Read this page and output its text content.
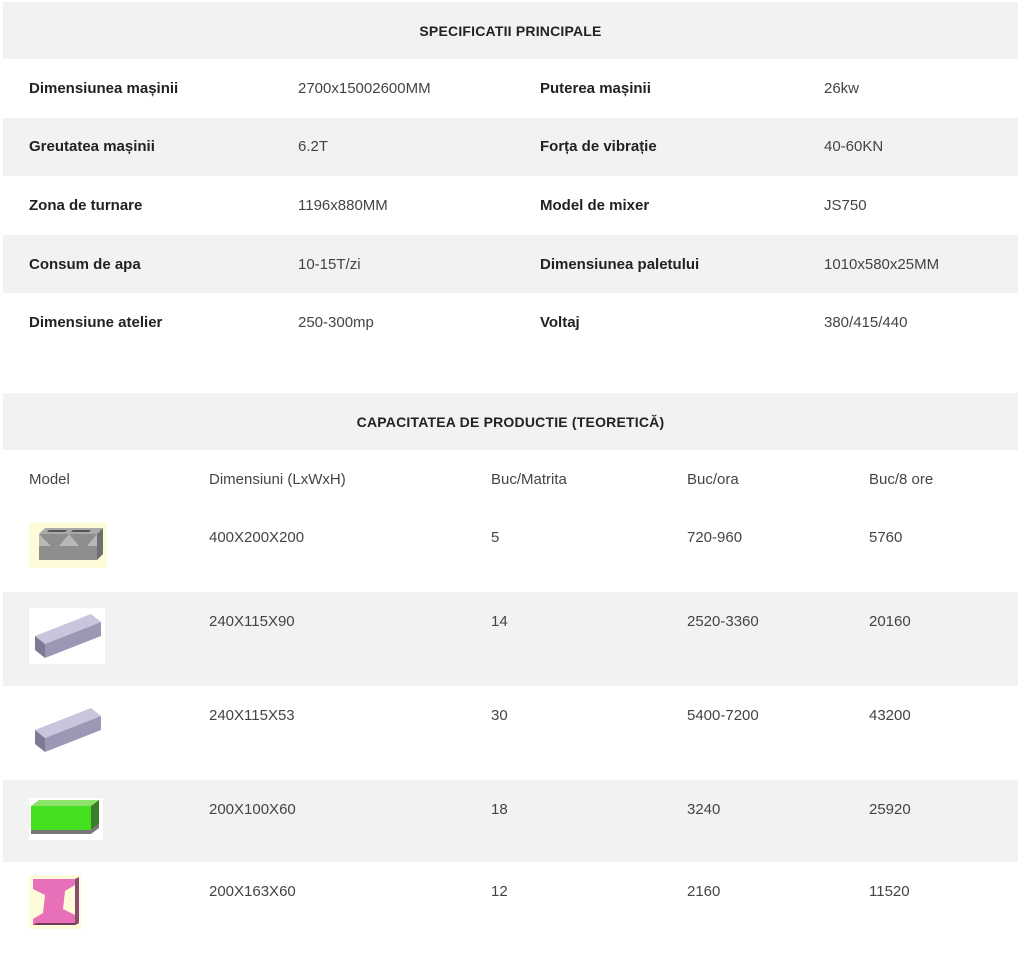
SPECIFICATII PRINCIPALE
Dimensiunea mașinii	2700x15002600MM	Puterea mașinii	26kw
Greutatea mașinii	6.2T	Forța de vibrație	40-60KN
Zona de turnare	1196x880MM	Model de mixer	JS750
Consum de apa	10-15T/zi	Dimensiunea paletului	1010x580x25MM
Dimensiune atelier	250-300mp	Voltaj	380/415/440
CAPACITATEA DE PRODUCTIE (TEORETICĂ)
Model	Dimensiuni (LxWxH)	Buc/Matrita	Buc/ora	Buc/8 ore
400X200X200	5	720-960	5760
240X115X90	14	2520-3360	20160
240X115X53	30	5400-7200	43200
200X100X60	18	3240	25920
200X163X60	12	2160	11520
